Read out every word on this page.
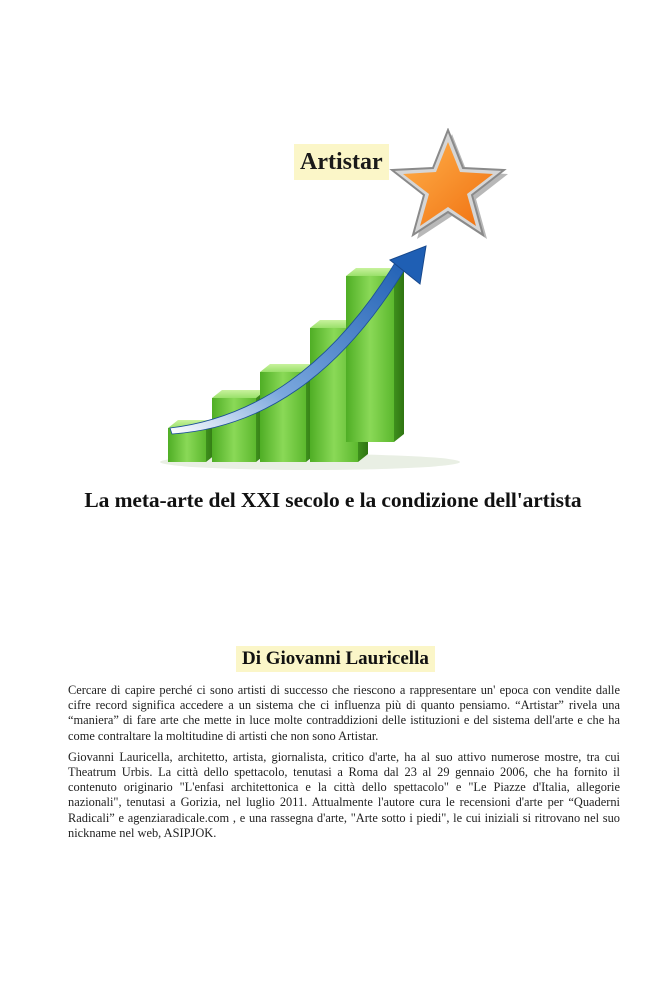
Artistar
La meta-arte del XXI secolo e la condizione dell'artista
Di Giovanni Lauricella

Cercare di capire perché ci sono artisti di successo che riescono a rappresentare un' epoca con vendite dalle cifre record significa accedere a un sistema che ci influenza più di quanto pensiamo. “Artistar” rivela una “maniera” di fare arte che mette in luce molte contraddizioni delle istituzioni e del sistema dell'arte e che ha come contraltare la moltitudine di artisti che non sono Artistar.

Giovanni Lauricella, architetto, artista, giornalista, critico d'arte, ha al suo attivo numerose mostre, tra cui Theatrum Urbis. La città dello spettacolo, tenutasi a Roma dal 23 al 29 gennaio 2006, che ha fornito il contenuto originario "L'enfasi architettonica e la città dello spettacolo" e "Le Piazze d'Italia, allegorie nazionali", tenutasi a Gorizia, nel luglio 2011. Attualmente l'autore cura le recensioni d'arte per “Quaderni Radicali” e agenziaradicale.com , e una rassegna d'arte, "Arte sotto i piedi", le cui iniziali si ritrovano nel suo nickname nel web, ASIPJOK.
